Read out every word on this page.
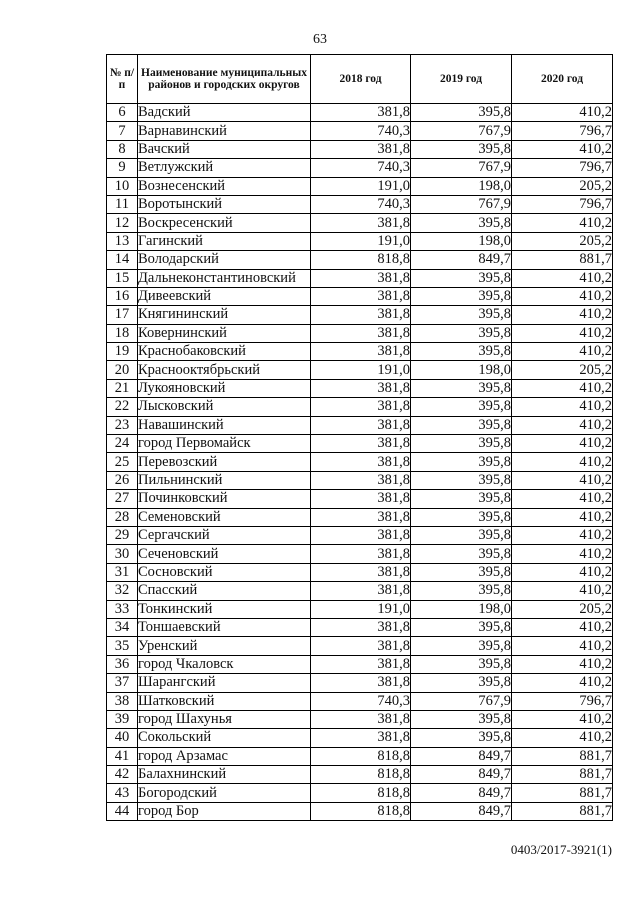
63
№ п/п	Наименование муниципальных районов и городских округов	2018 год	2019 год	2020 год
6	Вадский	381,8	395,8	410,2
7	Варнавинский	740,3	767,9	796,7
8	Вачский	381,8	395,8	410,2
9	Ветлужский	740,3	767,9	796,7
10	Вознесенский	191,0	198,0	205,2
11	Воротынский	740,3	767,9	796,7
12	Воскресенский	381,8	395,8	410,2
13	Гагинский	191,0	198,0	205,2
14	Володарский	818,8	849,7	881,7
15	Дальнеконстантиновский	381,8	395,8	410,2
16	Дивеевский	381,8	395,8	410,2
17	Княгининский	381,8	395,8	410,2
18	Ковернинский	381,8	395,8	410,2
19	Краснобаковский	381,8	395,8	410,2
20	Краснооктябрьский	191,0	198,0	205,2
21	Лукояновский	381,8	395,8	410,2
22	Лысковский	381,8	395,8	410,2
23	Навашинский	381,8	395,8	410,2
24	город Первомайск	381,8	395,8	410,2
25	Перевозский	381,8	395,8	410,2
26	Пильнинский	381,8	395,8	410,2
27	Починковский	381,8	395,8	410,2
28	Семеновский	381,8	395,8	410,2
29	Сергачский	381,8	395,8	410,2
30	Сеченовский	381,8	395,8	410,2
31	Сосновский	381,8	395,8	410,2
32	Спасский	381,8	395,8	410,2
33	Тонкинский	191,0	198,0	205,2
34	Тоншаевский	381,8	395,8	410,2
35	Уренский	381,8	395,8	410,2
36	город Чкаловск	381,8	395,8	410,2
37	Шарангский	381,8	395,8	410,2
38	Шатковский	740,3	767,9	796,7
39	город Шахунья	381,8	395,8	410,2
40	Сокольский	381,8	395,8	410,2
41	город Арзамас	818,8	849,7	881,7
42	Балахнинский	818,8	849,7	881,7
43	Богородский	818,8	849,7	881,7
44	город Бор	818,8	849,7	881,7
0403/2017-3921(1)
